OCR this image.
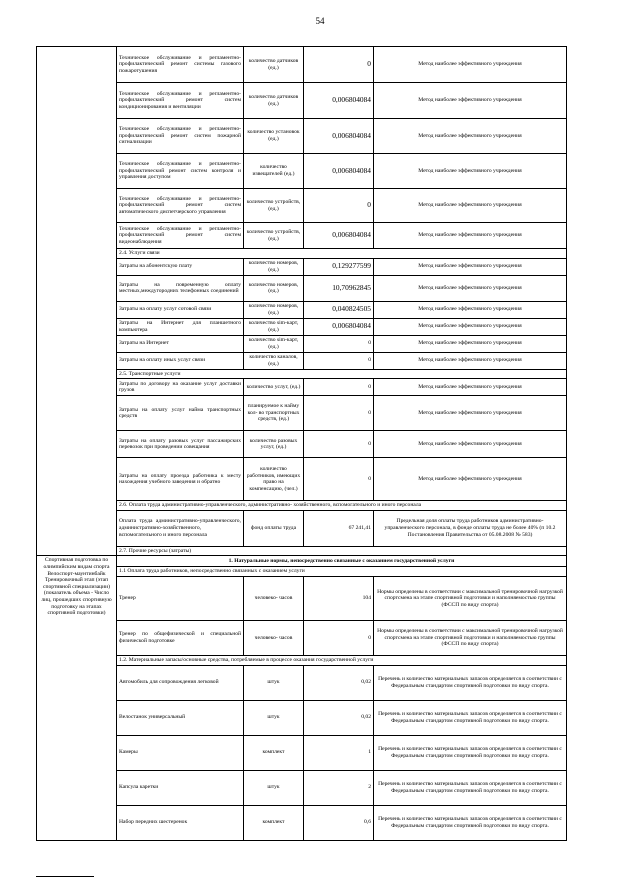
54
	Техническое обслуживание и регламентно- профилактический ремонт системы газового пожаротушения	количество датчиков (ед.)	0	Метод наиболее эффективного учреждения
	Техническое обслуживание и регламентно- профилактический ремонт систем кондиционирования и вентиляции	количество датчиков (ед.)	0,006804084	Метод наиболее эффективного учреждения
	Техническое обслуживание и регламентно- профилактический ремонт систем пожарной сигнализации	количество установок (ед.)	0,006804084	Метод наиболее эффективного учреждения
	Техническое обслуживание и регламентно- профилактический ремонт систем контроля и управления доступом	количество извещателей (ед.)	0,006804084	Метод наиболее эффективного учреждения
	Техническое обслуживание и регламентно- профилактический ремонт систем автоматического диспетчерского управления	количество устройств, (ед.)	0	Метод наиболее эффективного учреждения
	Техническое обслуживание и регламентно- профилактический ремонт систем видеонаблюдения	количество устройств, (ед.)	0,006804084	Метод наиболее эффективного учреждения
	2.4. Услуги связи			
	Затраты на абонентскую плату	количество номеров, (ед.)	0,129277599	Метод наиболее эффективного учреждения
	Затраты на повременную оплату местных,междугородних телефонных соединений	количество номеров, (ед.)	10,70962845	Метод наиболее эффективного учреждения
	Затраты на оплату услуг сотовой связи	количество номеров, (ед.)	0,040824505	Метод наиболее эффективного учреждения
	Затраты на Интернет для планшетного компьютера	количество sim-карт, (ед.)	0,006804084	Метод наиболее эффективного учреждения
	Затраты на Интернет	количество sim-карт, (ед.)	0	Метод наиболее эффективного учреждения
	Затраты на оплату иных услуг связи	количество каналов, (ед.)	0	Метод наиболее эффективного учреждения
	2.5. Транспортные услуги			
	Затраты по договору на оказание услуг доставки грузов	количество услуг, (ед.)	0	Метод наиболее эффективного учреждения
	Затраты на оплату услуг найма транспортных средств	планируемое к найму кол- во транспортных средств, (ед.)	0	Метод наиболее эффективного учреждения
	Затраты на оплату разовых услуг пассажирских перевозок при проведении совещания	количество разовых услуг, (ед.)	0	Метод наиболее эффективного учреждения
	Затраты на оплату проезда работника к месту нахождения учебного заведения и обратно	количество работников, имеющих право на компенсацию, (чел.)	0	Метод наиболее эффективного учреждения
	2.6. Оплата труда административно-управленческого, административно- хозяйственного, вспомогательного и иного персонала			
	Оплата труда административно-управленческого, административно-хозяйственного, вспомогательного и иного персонала	фонд оплаты труда	67 241,41	Предельная доля оплаты труда работников административно- управленческого персонала, в фонде оплаты труда не более 40% (п 10.2 Постановления Правительства от 05.08.2008 № 583)
	2.7. Прочие ресурсы (затраты)			
Спортивная подготовка по олимпийским видам спорта Велоспорт-маунтинбайк Тренировочный этап (этап спортивной специализации) (показатель объема - Число лиц, прошедших спортивную подготовку на этапах спортивной подготовки)	1. Натуральные нормы, непосредственно связанные с оказанием государственной услуги			
	1.1 Оплата труда работников, непосредственно связанных с оказанием услуги			
	Тренер	человеко- часов	104	Нормы определены в соответствии с максимальной тренировочной нагрузкой спортсмена на этапе спортивной подготовки и наполняемостью группы (ФССП по виду спорта)
	Тренер по общефизической и специальной физической подготовке	человеко- часов	0	Нормы определены в соответствии с максимальной тренировочной нагрузкой спортсмена на этапе спортивной подготовки и наполняемостью группы (ФССП по виду спорта)
	1.2. Материальные запасы/основные средства, потребляемые в процессе оказания государственной услуги			
	Автомобиль для сопровождения легковой	штук	0,02	Перечень и количество материальных запасов определяется в соответствии с Федеральным стандартом спортивной подготовки по виду спорта.
	Велостанок универсальный	штук	0,02	Перечень и количество материальных запасов определяется в соответствии с Федеральным стандартом спортивной подготовки по виду спорта.
	Камеры	комплект	1	Перечень и количество материальных запасов определяется в соответствии с Федеральным стандартом спортивной подготовки по виду спорта.
	Капсула каретки	штук	2	Перечень и количество материальных запасов определяется в соответствии с Федеральным стандартом спортивной подготовки по виду спорта.
	Набор передних шестеренок	комплект	0,6	Перечень и количество материальных запасов определяется в соответствии с Федеральным стандартом спортивной подготовки по виду спорта.
